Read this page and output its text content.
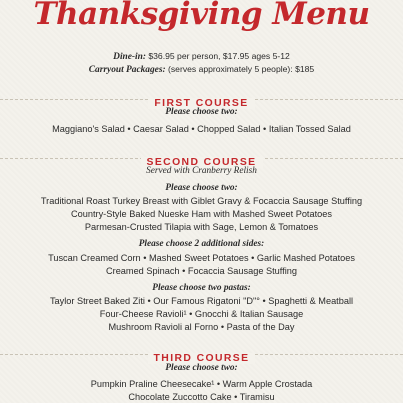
Thanksgiving Menu
Dine-in: $36.95 per person, $17.95 ages 5-12
Carryout Packages: (serves approximately 5 people): $185
FIRST COURSE
Please choose two:
Maggiano's Salad • Caesar Salad • Chopped Salad • Italian Tossed Salad
SECOND COURSE
Served with Cranberry Relish
Please choose two:
Traditional Roast Turkey Breast with Giblet Gravy & Focaccia Sausage Stuffing
Country-Style Baked Nueske Ham with Mashed Sweet Potatoes
Parmesan-Crusted Tilapia with Sage, Lemon & Tomatoes
Please choose 2 additional sides:
Tuscan Creamed Corn • Mashed Sweet Potatoes • Garlic Mashed Potatoes
Creamed Spinach • Focaccia Sausage Stuffing
Please choose two pastas:
Taylor Street Baked Ziti • Our Famous Rigatoni "D"° • Spaghetti & Meatball
Four-Cheese Ravioli¹ • Gnocchi & Italian Sausage
Mushroom Ravioli al Forno • Pasta of the Day
THIRD COURSE
Please choose two:
Pumpkin Praline Cheesecake¹ • Warm Apple Crostada
Chocolate Zuccotto Cake • Tiramisu
